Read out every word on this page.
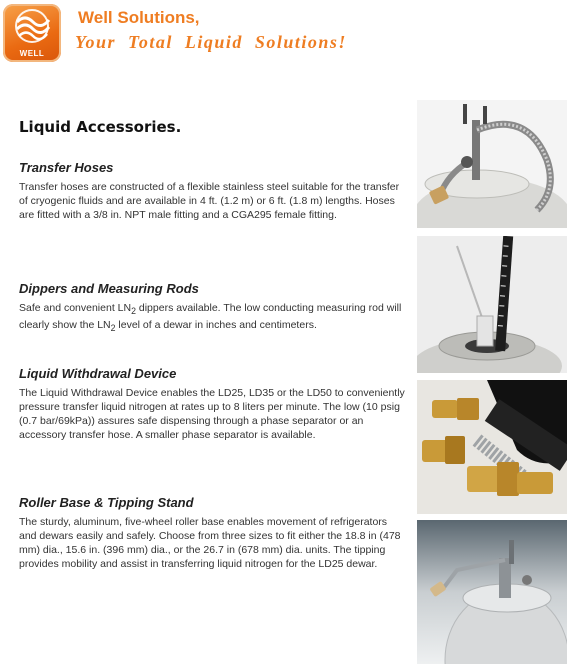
WELL
Well Solutions,
Your Total Liquid Solutions!
Liquid Accessories.
Transfer Hoses

Transfer hoses are constructed of a flexible stainless steel suitable for the transfer of cryogenic fluids and are available in 4 ft. (1.2 m) or 6 ft. (1.8 m) lengths. Hoses are fitted with a 3/8 in. NPT male fitting and a CGA295 female fitting.

Dippers and Measuring Rods

Safe and convenient $LN_2$ dippers available. The low conducting measuring rod will clearly show the $LN_2$ level of a dewar in inches and centimeters.

Liquid Withdrawal Device

The Liquid Withdrawal Device enables the LD25, LD35 or the LD50 to conveniently pressure transfer liquid nitrogen at rates up to 8 liters per minute. The low (10 psig (0.7 bar/69kPa)) assures safe dispensing through a phase separator or an accessory transfer hose. A smaller phase separator is available.

Roller Base & Tipping Stand

The sturdy, aluminum, five-wheel roller base enables movement of refrigerators and dewars easily and safely. Choose from three sizes to fit either the 18.8 in (478 mm) dia., 15.6 in. (396 mm) dia., or the 26.7 in (678 mm) dia. units. The tipping provides mobility and assist in transferring liquid nitrogen for the LD25 dewar.
